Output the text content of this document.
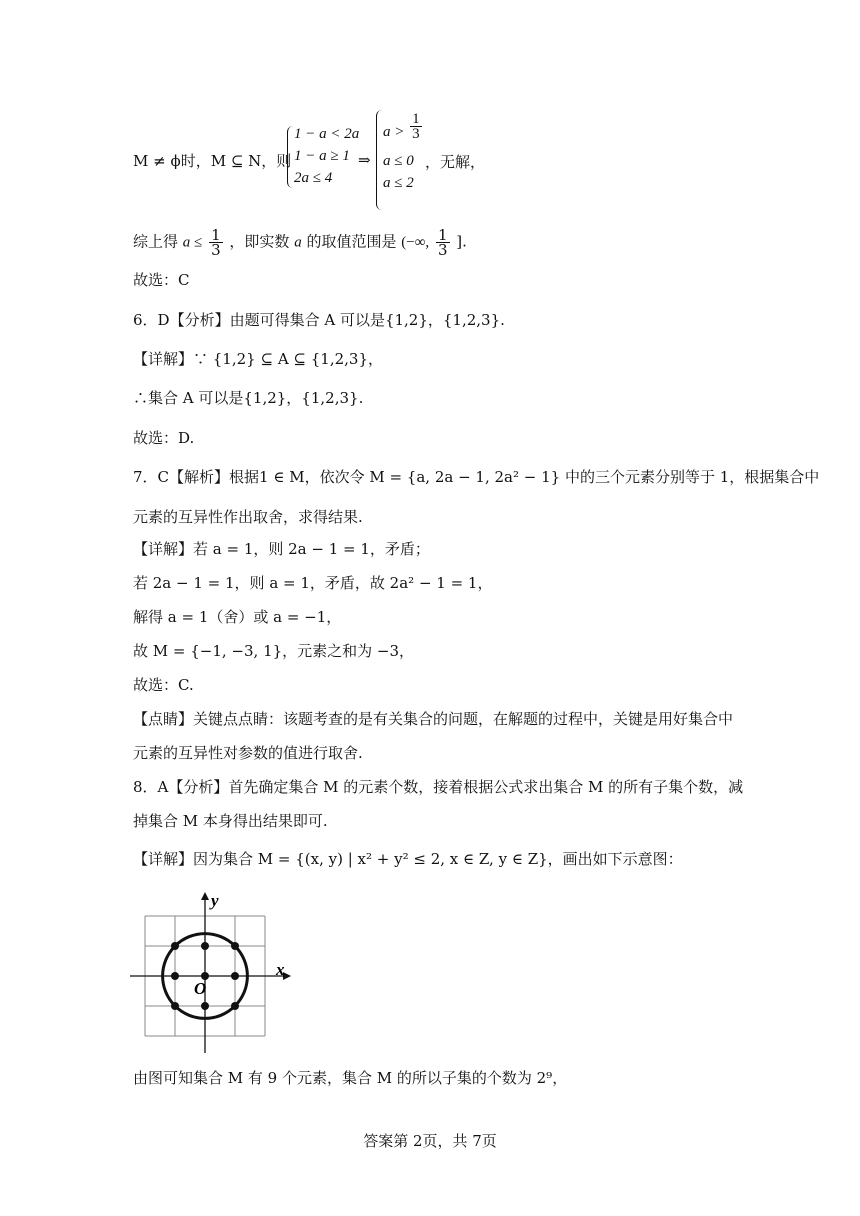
M ≠ ϕ时，M ⊆ N，则
1 − a < 2a
1 − a ≥ 1
2a ≤ 4
⇒
$a > \frac{1}{3}$
a ≤ 0
a ≤ 2
，无解，
综上得 $a \le \frac{1}{3}$ ，即实数 a 的取值范围是 (−∞, $\frac{1}{3}$ ].
故选：C
6．D【分析】由题可得集合 A 可以是{1,2}，{1,2,3}.
【详解】∵ {1,2} ⊆ A ⊆ {1,2,3}，
∴集合 A 可以是{1,2}，{1,2,3}.
故选：D.
7．C【解析】根据1 ∈ M，依次令 M = {a, 2a − 1, 2a² − 1} 中的三个元素分别等于 1，根据集合中
元素的互异性作出取舍，求得结果.
【详解】若 a = 1，则 2a − 1 = 1，矛盾；
若 2a − 1 = 1，则 a = 1，矛盾，故 2a² − 1 = 1，
解得 a = 1（舍）或 a = −1，
故 M = {−1, −3, 1}，元素之和为 −3，
故选：C.
【点睛】关键点点睛：该题考查的是有关集合的问题，在解题的过程中，关键是用好集合中
元素的互异性对参数的值进行取舍.
8．A【分析】首先确定集合 M 的元素个数，接着根据公式求出集合 M 的所有子集个数，减
掉集合 M 本身得出结果即可.
【详解】因为集合 M = {(x, y) | x² + y² ≤ 2, x ∈ Z, y ∈ Z}，画出如下示意图：
x
y
O
由图可知集合 M 有 9 个元素，集合 M 的所以子集的个数为 2⁹，
答案第 2页，共 7页
